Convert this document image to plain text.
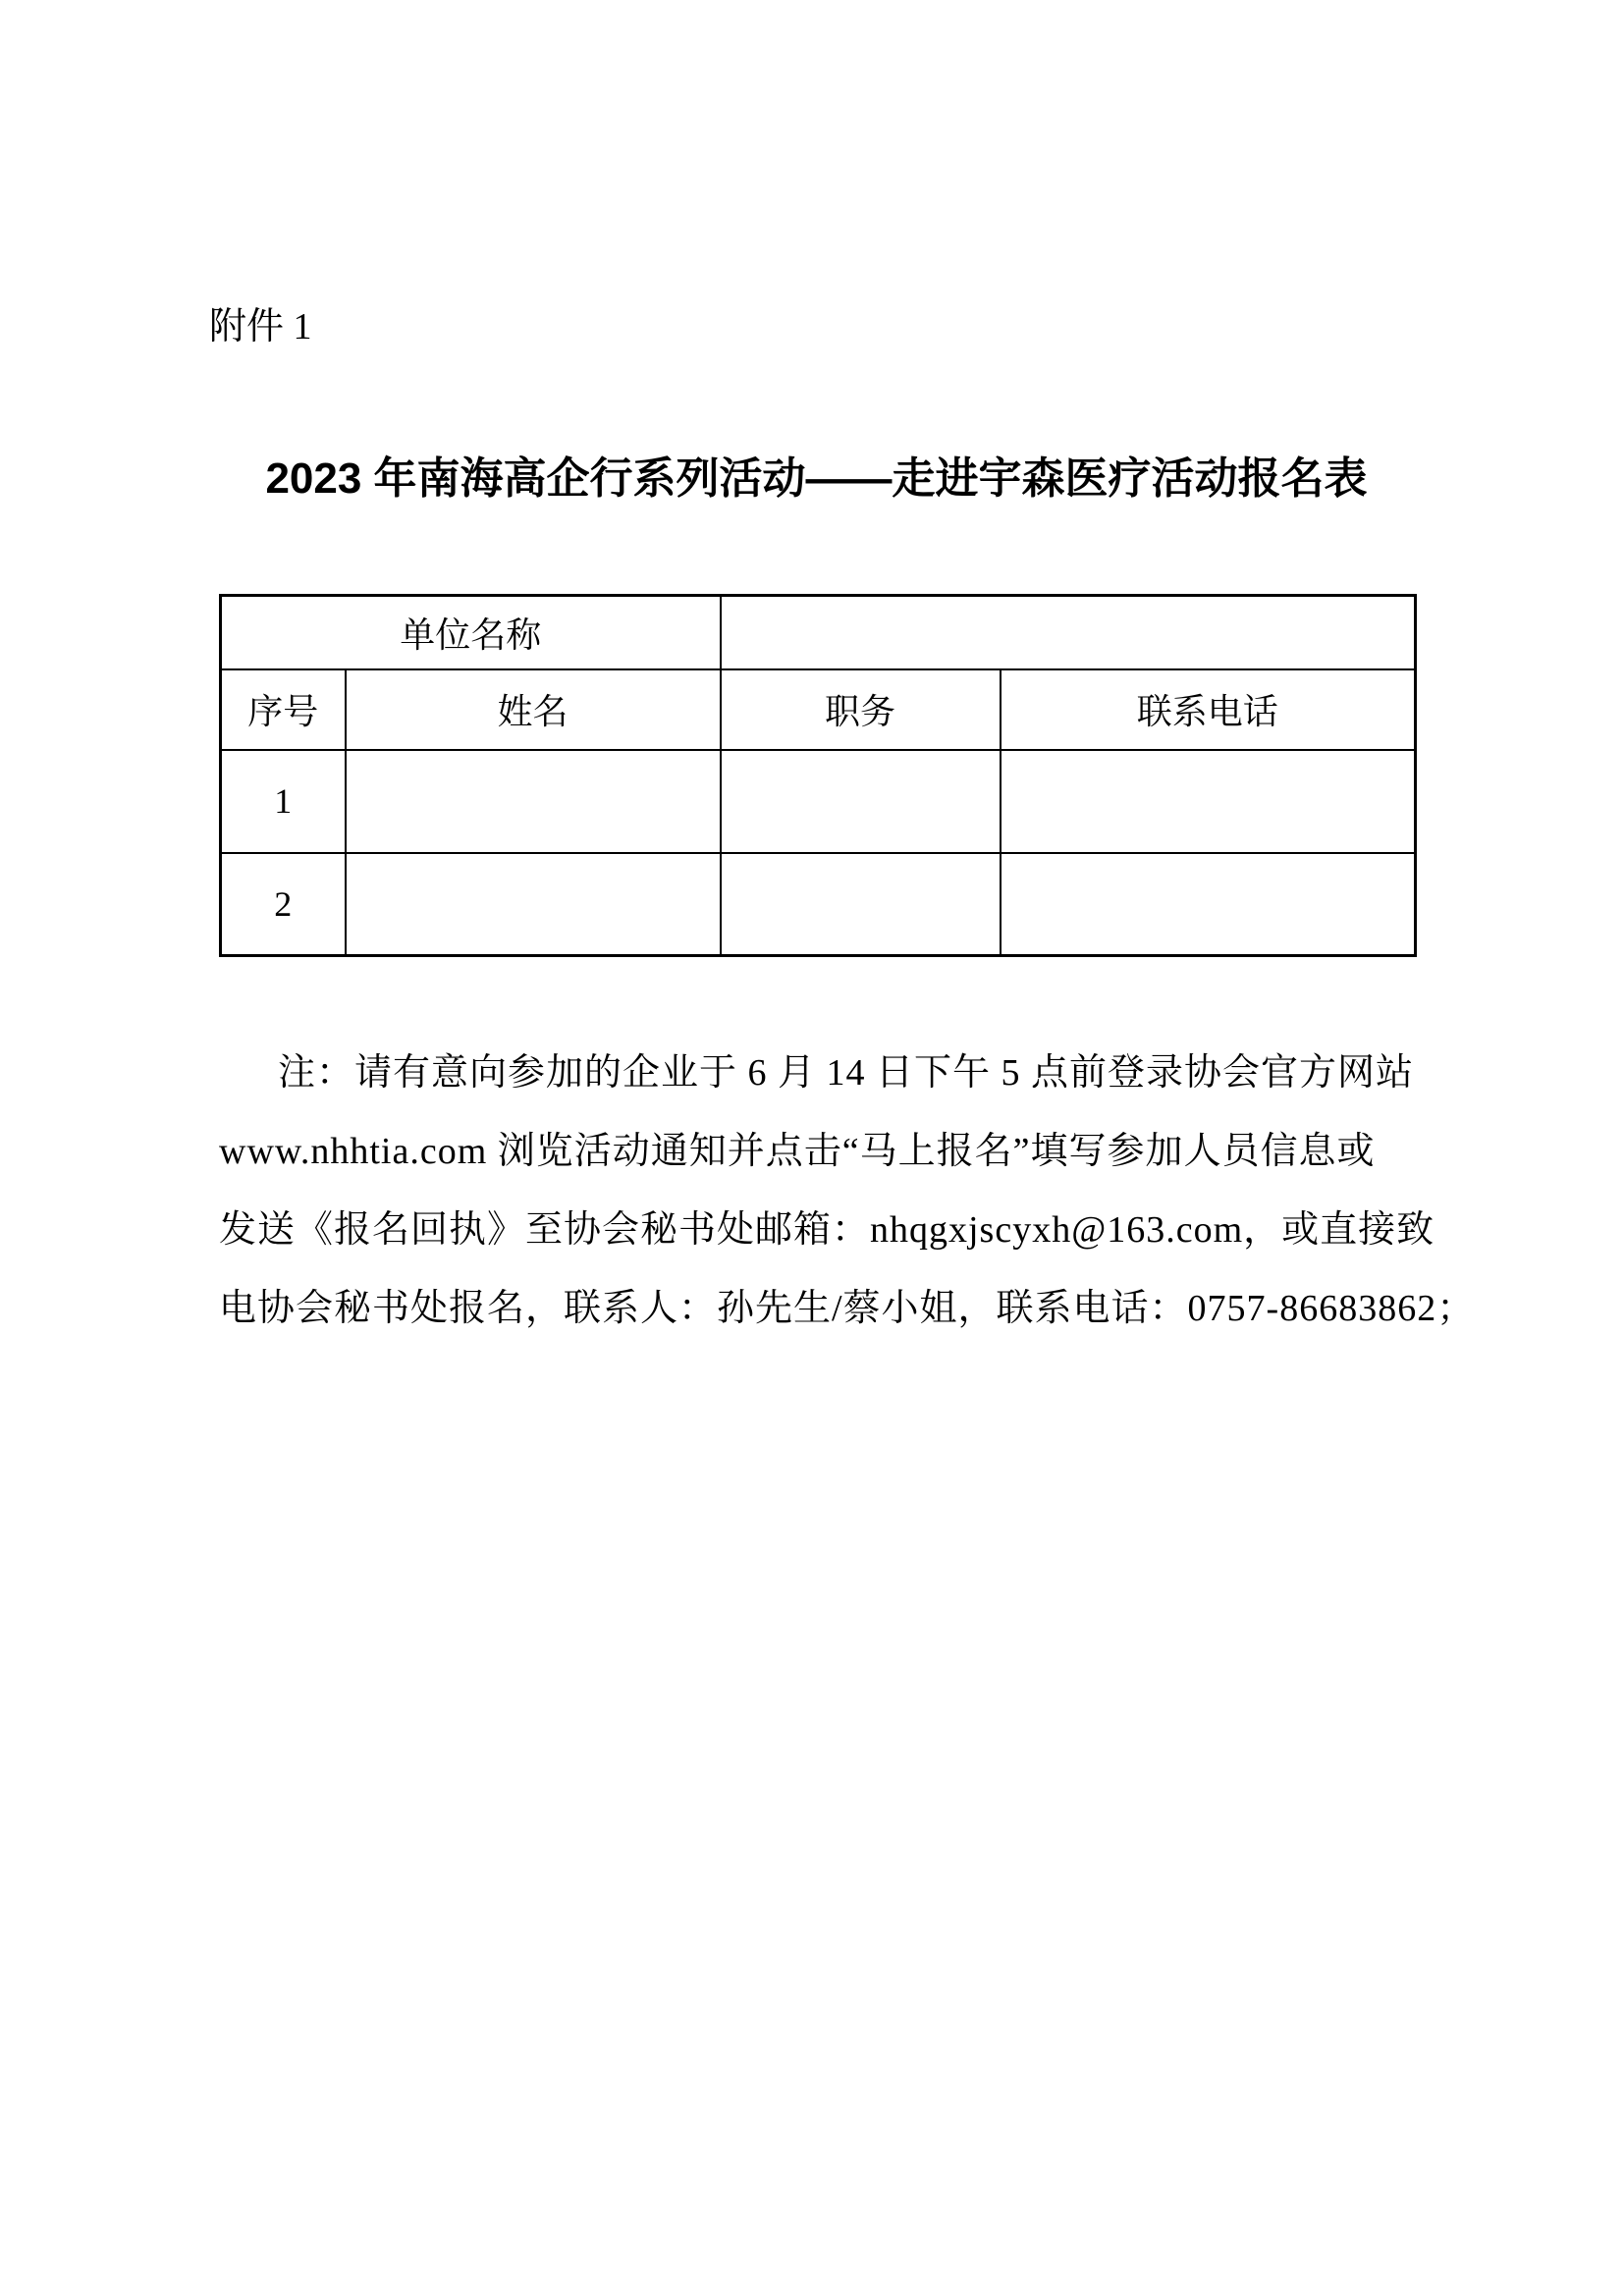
附件 1
2023 年南海高企行系列活动——走进宇森医疗活动报名表
单位名称			
序号	姓名	职务	联系电话
1			
2			
注：请有意向参加的企业于 6 月 14 日下午 5 点前登录协会官方网站
www.nhhtia.com 浏览活动通知并点击“马上报名”填写参加人员信息或
发送《报名回执》至协会秘书处邮箱：nhqgxjscyxh@163.com，或直接致
电协会秘书处报名，联系人：孙先生/蔡小姐，联系电话：0757-86683862；
